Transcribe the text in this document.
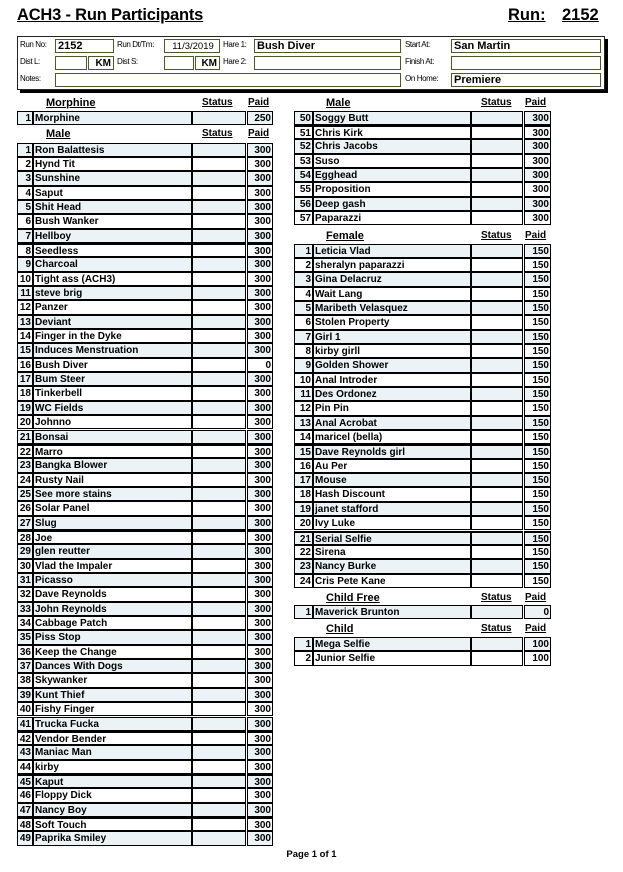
ACH3 - Run Participants	Run: 2152
Run No: 2152	Run Dt/Tm:	11/3/2019	Hare 1: Bush Diver	Start At: San Martin
Dist L:	KM Dist S:	KM Hare 2:	Finish At:
Notes:	On Home: Premiere
Morphine	Status Paid
1 Morphine	250
Male	Status Paid
1 Ron Balattesis	300
2 Hynd Tit	300
3 Sunshine	300
4 Saput	300
5 Shit Head	300
6 Bush Wanker	300
7 Hellboy	300
8 Seedless	300
9 Charcoal	300
10 Tight ass (ACH3)	300
11 steve brig	300
12 Panzer	300
13 Deviant	300
14 Finger in the Dyke	300
15 Induces Menstruation	300
16 Bush Diver	0
17 Bum Steer	300
18 Tinkerbell	300
19 WC Fields	300
20 Johnno	300
21 Bonsai	300
22 Marro	300
23 Bangka Blower	300
24 Rusty Nail	300
25 See more stains	300
26 Solar Panel	300
27 Slug	300
28 Joe	300
29 glen reutter	300
30 Vlad the Impaler	300
31 Picasso	300
32 Dave Reynolds	300
33 John Reynolds	300
34 Cabbage Patch	300
35 Piss Stop	300
36 Keep the Change	300
37 Dances With Dogs	300
38 Skywanker	300
39 Kunt Thief	300
40 Fishy Finger	300
41 Trucka Fucka	300
42 Vendor Bender	300
43 Maniac Man	300
44 kirby	300
45 Kaput	300
46 Floppy Dick	300
47 Nancy Boy	300
48 Soft Touch	300
49 Paprika Smiley	300
Male	Status Paid
50 Soggy Butt	300
51 Chris Kirk	300
52 Chris Jacobs	300
53 Suso	300
54 Egghead	300
55 Proposition	300
56 Deep gash	300
57 Paparazzi	300
Female	Status Paid
1 Leticia Vlad	150
2 sheralyn paparazzi	150
3 Gina Delacruz	150
4 Wait Lang	150
5 Maribeth Velasquez	150
6 Stolen Property	150
7 Girl 1	150
8 kirby girll	150
9 Golden Shower	150
10 Anal Introder	150
11 Des Ordonez	150
12 Pin Pin	150
13 Anal Acrobat	150
14 maricel (bella)	150
15 Dave Reynolds girl	150
16 Au Per	150
17 Mouse	150
18 Hash Discount	150
19 janet stafford	150
20 Ivy Luke	150
21 Serial Selfie	150
22 Sirena	150
23 Nancy Burke	150
24 Cris Pete Kane	150
Child Free	Status Paid
1 Maverick Brunton	0
Child	Status Paid
1 Mega Selfie	100
2 Junior Selfie	100
Page 1 of 1
